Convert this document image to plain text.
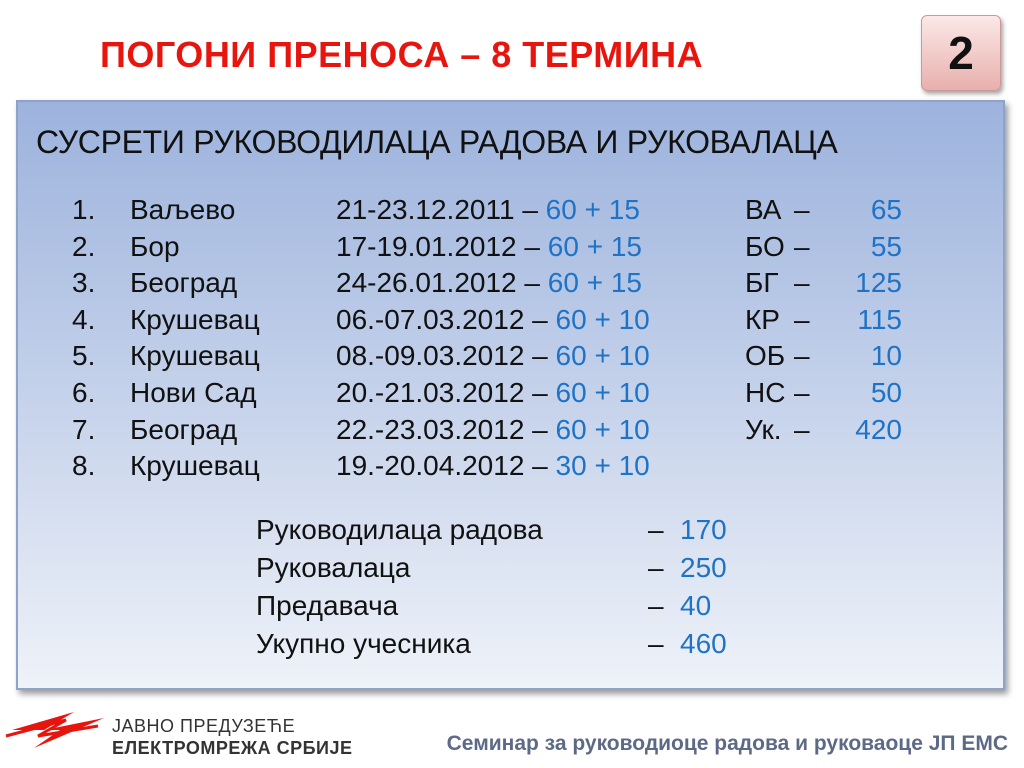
ПОГОНИ ПРЕНОСА – 8 ТЕРМИНА	2
СУСРЕТИ РУКОВОДИЛАЦА РАДОВА И РУКОВАЛАЦА
1. Ваљево	21-23.12.2011 – 60 + 15	ВА –	65
2. Бор	17-19.01.2012 – 60 + 15	БО –	55
3. Београд	24-26.01.2012 – 60 + 15	БГ –	125
4. Крушевац	06.-07.03.2012 – 60 + 10	КР –	115
5. Крушевац	08.-09.03.2012 – 60 + 10	ОБ –	10
6. Нови Сад	20.-21.03.2012 – 60 + 10	НС –	50
7. Београд	22.-23.03.2012 – 60 + 10	Ук. –	420
8. Крушевац	19.-20.04.2012 – 30 + 10
Руководилаца радова	– 170
Руковалаца	– 250
Предавача	– 40
Укупно учесника	– 460
ЈАВНО ПРЕДУЗЕЋЕ
ЕЛЕКТРОМРЕЖА СРБИЈЕ	Семинар за руководиоце радова и руковаоце ЈП ЕМС
